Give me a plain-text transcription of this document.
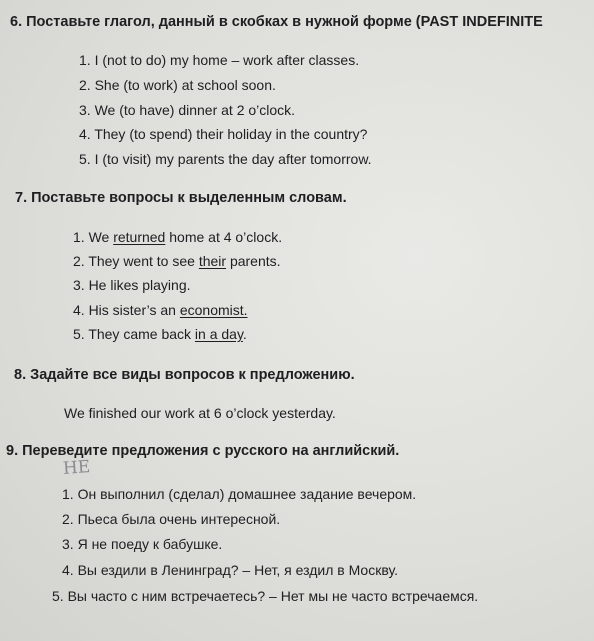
6. Поставьте глагол, данный в скобках в нужной форме (PAST INDEFINITE
1. I (not to do) my home – work after classes.
2. She (to work) at school soon.
3. We (to have) dinner at 2 o’clock.
4. They (to spend) their holiday in the country?
5. I (to visit) my parents the day after tomorrow.
7. Поставьте вопросы к выделенным словам.
1. We returned home at 4 o’clock.
2. They went to see their parents.
3. He likes playing.
4. His sister’s an economist.
5. They came back in a day.
8. Задайте все виды вопросов к предложению.
We finished our work at 6 o’clock yesterday.
9. Переведите предложения с русского на английский.
НЕ
1. Он выполнил (сделал) домашнее задание вечером.
2. Пьеса была очень интересной.
3. Я не поеду к бабушке.
4. Вы ездили в Ленинград? – Нет, я ездил в Москву.
5. Вы часто с ним встречаетесь? – Нет мы не часто встречаемся.
